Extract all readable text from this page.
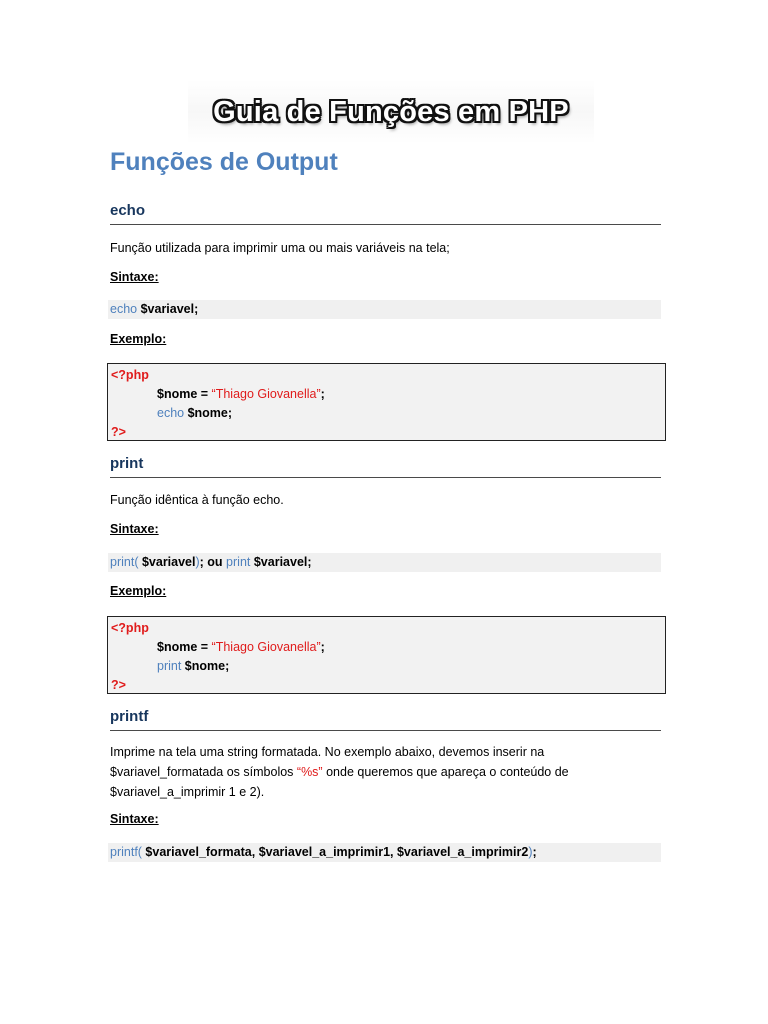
Guia de Funções em PHP
Funções de Output
echo

Função utilizada para imprimir uma ou mais variáveis na tela;

Sintaxe:

echo $variavel;

Exemplo:

<?php
$nome = “Thiago Giovanella”;
echo $nome;
?>
print

Função idêntica à função echo.

Sintaxe:

print( $variavel); ou print $variavel;

Exemplo:

<?php
$nome = “Thiago Giovanella”;
print $nome;
?>
printf
Imprime na tela uma string formatada. No exemplo abaixo, devemos inserir na
$variavel_formatada os símbolos “%s” onde queremos que apareça o conteúdo de
$variavel_a_imprimir 1 e 2).

Sintaxe:

printf( $variavel_formata, $variavel_a_imprimir1, $variavel_a_imprimir2);
